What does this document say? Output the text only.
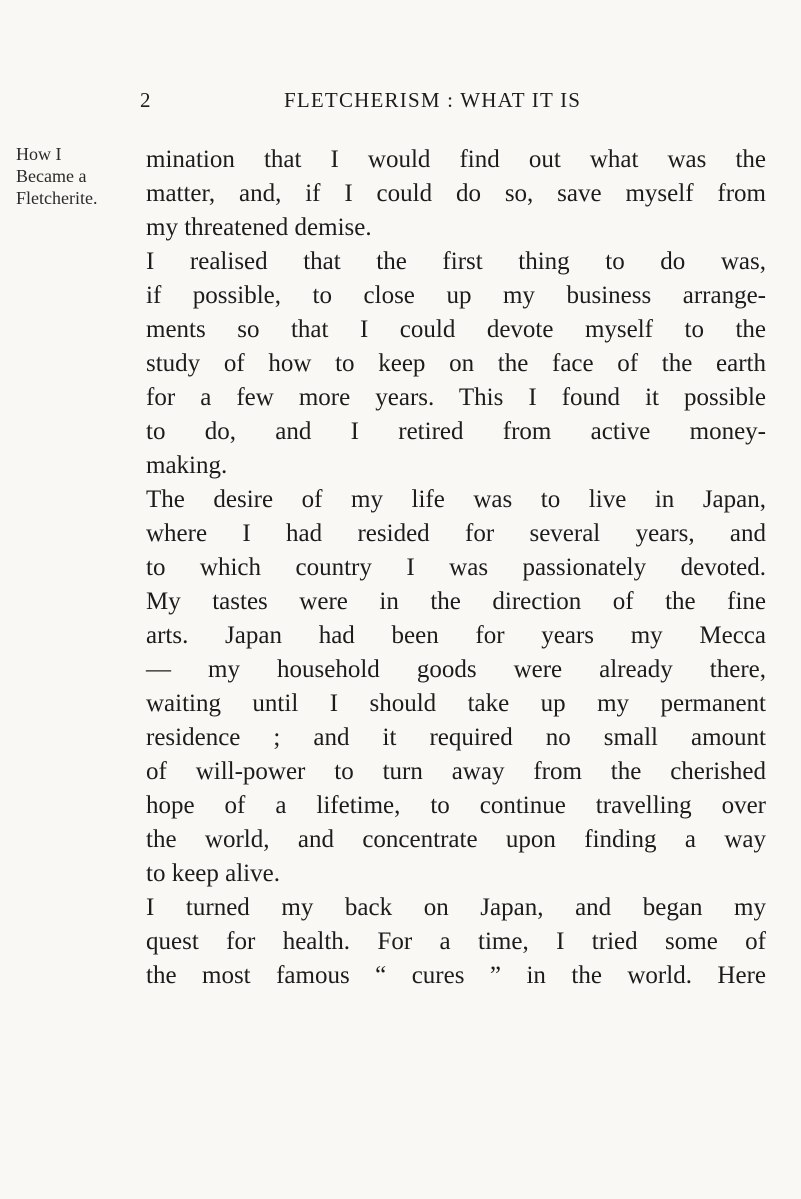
2	FLETCHERISM : WHAT IT IS
How I
Became a
Fletcherite.
mination that I would find out what was the
matter, and, if I could do so, save myself from
my threatened demise.
I realised that the first thing to do was,
if possible, to close up my business arrange-
ments so that I could devote myself to the
study of how to keep on the face of the earth
for a few more years. This I found it possible
to do, and I retired from active money-
making.
The desire of my life was to live in Japan,
where I had resided for several years, and
to which country I was passionately devoted.
My tastes were in the direction of the fine
arts. Japan had been for years my Mecca
— my household goods were already there,
waiting until I should take up my permanent
residence ; and it required no small amount
of will-power to turn away from the cherished
hope of a lifetime, to continue travelling over
the world, and concentrate upon finding a way
to keep alive.
I turned my back on Japan, and began my
quest for health. For a time, I tried some of
the most famous “ cures ” in the world. Here
